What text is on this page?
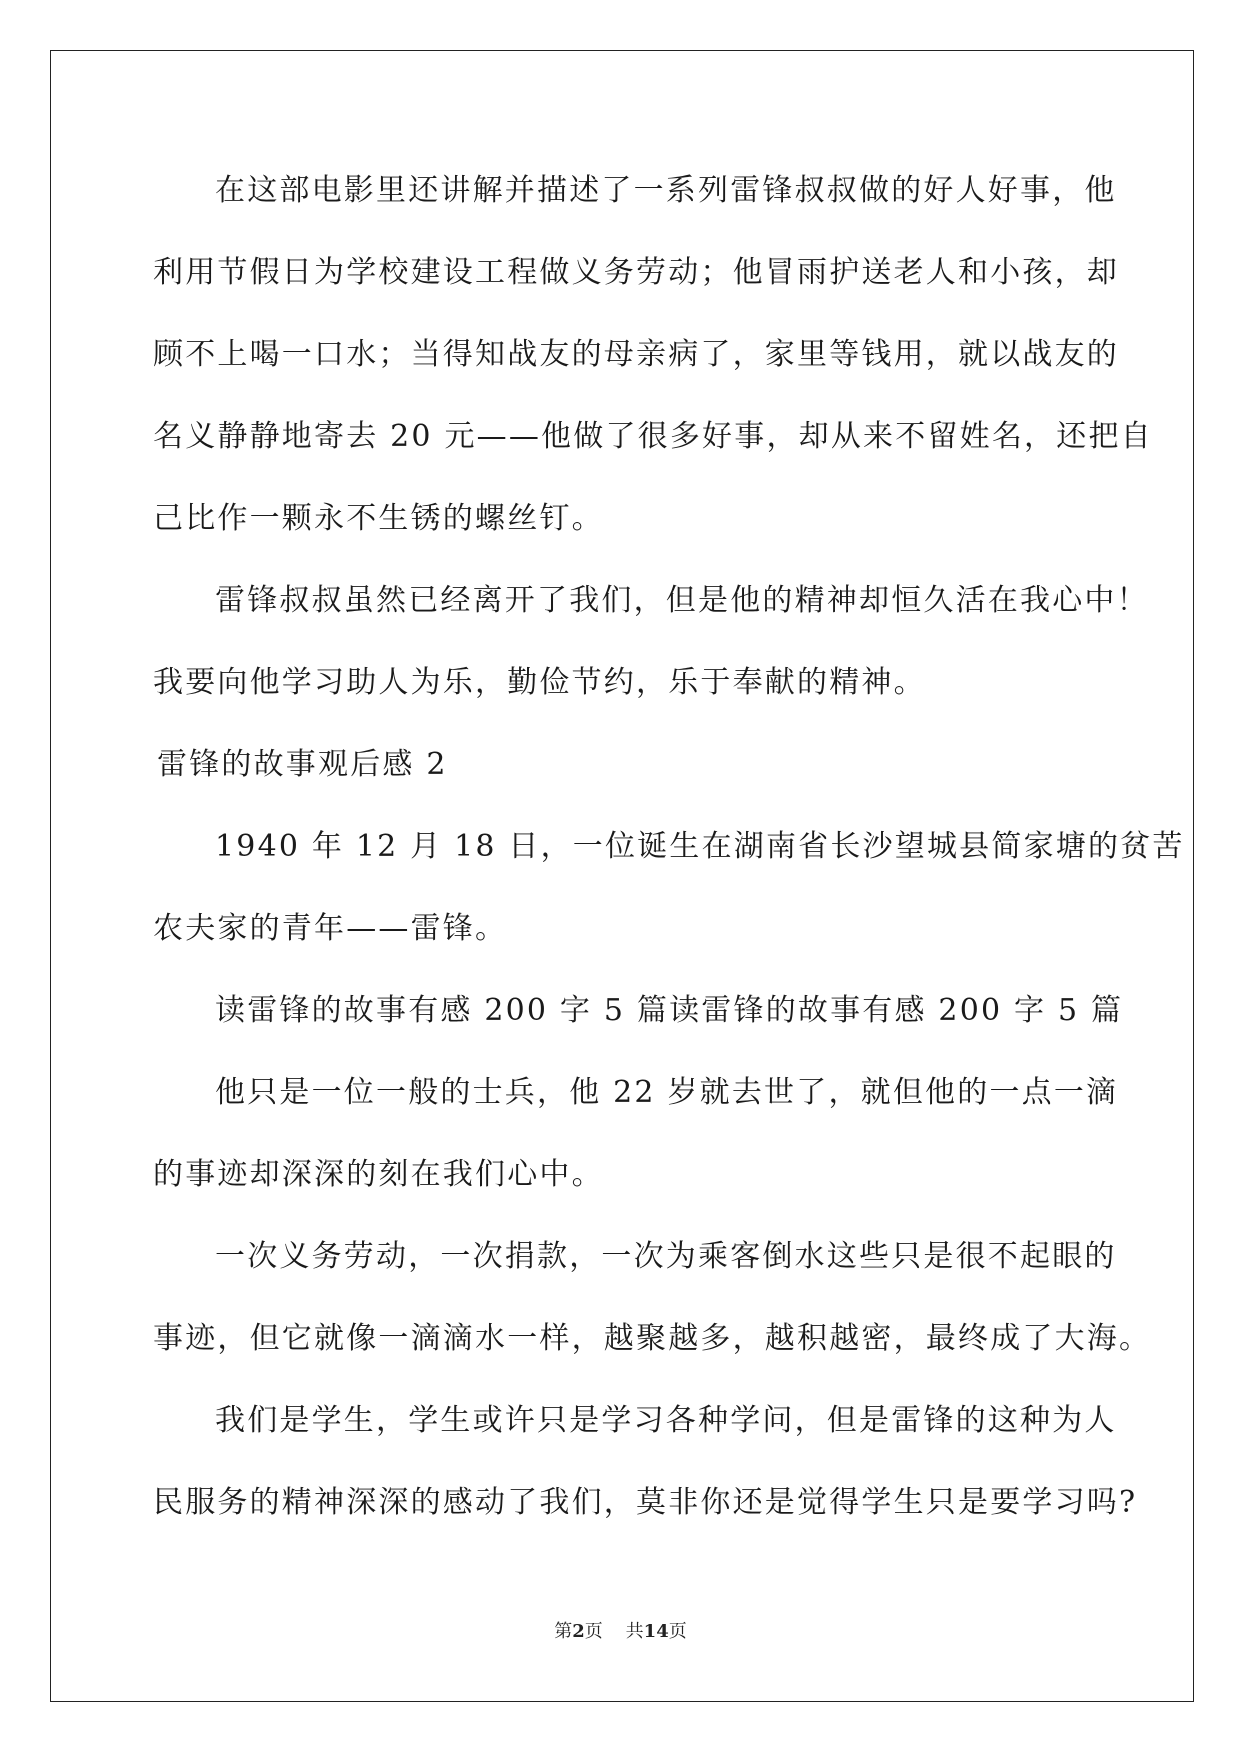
在这部电影里还讲解并描述了一系列雷锋叔叔做的好人好事，他
利用节假日为学校建设工程做义务劳动；他冒雨护送老人和小孩，却
顾不上喝一口水；当得知战友的母亲病了，家里等钱用，就以战友的
名义静静地寄去 20 元——他做了很多好事，却从来不留姓名，还把自
己比作一颗永不生锈的螺丝钉。
雷锋叔叔虽然已经离开了我们，但是他的精神却恒久活在我心中！
我要向他学习助人为乐，勤俭节约，乐于奉献的精神。
雷锋的故事观后感 2
1940 年 12 月 18 日，一位诞生在湖南省长沙望城县简家塘的贫苦
农夫家的青年——雷锋。
读雷锋的故事有感 200 字 5 篇读雷锋的故事有感 200 字 5 篇
他只是一位一般的士兵，他 22 岁就去世了，就但他的一点一滴
的事迹却深深的刻在我们心中。
一次义务劳动，一次捐款，一次为乘客倒水这些只是很不起眼的
事迹，但它就像一滴滴水一样，越聚越多，越积越密，最终成了大海。
我们是学生，学生或许只是学习各种学问，但是雷锋的这种为人
民服务的精神深深的感动了我们，莫非你还是觉得学生只是要学习吗?
第2页 共14页
